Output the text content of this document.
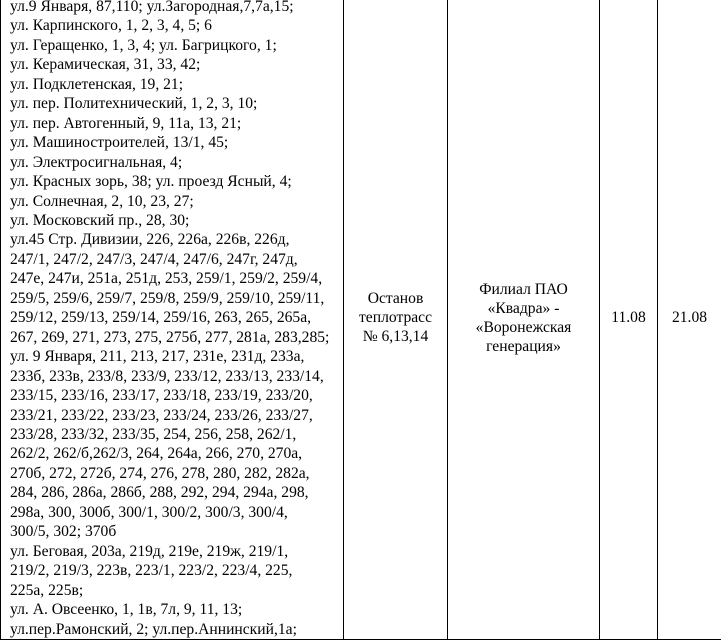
ул.9 Января, 87,110; ул.Загородная,7,7а,15;
ул. Карпинского, 1, 2, 3, 4, 5; 6
ул. Геращенко, 1, 3, 4; ул. Багрицкого, 1;
ул. Керамическая, 31, 33, 42;
ул. Подклетенская, 19, 21;
ул. пер. Политехнический, 1, 2, 3, 10;
ул. пер. Автогенный, 9, 11а, 13, 21;
ул. Машиностроителей, 13/1, 45;
ул. Электросигнальная, 4;
ул. Красных зорь, 38; ул. проезд Ясный, 4;
ул. Солнечная, 2, 10, 23, 27;
ул. Московский пр., 28, 30;
ул.45 Стр. Дивизии, 226, 226а, 226в, 226д,
247/1, 247/2, 247/3, 247/4, 247/6, 247г, 247д,
247е, 247и, 251а, 251д, 253, 259/1, 259/2, 259/4,
259/5, 259/6, 259/7, 259/8, 259/9, 259/10, 259/11,
259/12, 259/13, 259/14, 259/16, 263, 265, 265а,
267, 269, 271, 273, 275, 275б, 277, 281а, 283,285;
ул. 9 Января, 211, 213, 217, 231е, 231д, 233а,
233б, 233в, 233/8, 233/9, 233/12, 233/13, 233/14,
233/15, 233/16, 233/17, 233/18, 233/19, 233/20,
233/21, 233/22, 233/23, 233/24, 233/26, 233/27,
233/28, 233/32, 233/35, 254, 256, 258, 262/1,
262/2, 262/б,262/3, 264, 264а, 266, 270, 270а,
270б, 272, 272б, 274, 276, 278, 280, 282, 282а,
284, 286, 286а, 286б, 288, 292, 294, 294а, 298,
298а, 300, 300б, 300/1, 300/2, 300/3, 300/4,
300/5, 302; 370б
ул. Беговая, 203а, 219д, 219е, 219ж, 219/1,
219/2, 219/3, 223в, 223/1, 223/2, 223/4, 225,
225а, 225в;
ул. А. Овсеенко, 1, 1в, 7л, 9, 11, 13;
ул.пер.Рамонский, 2; ул.пер.Аннинский,1а;

Останов
теплотрасс
№ 6,13,14

Филиал ПАО
«Квадра» -
«Воронежская
генерация»
	11.08	21.08
